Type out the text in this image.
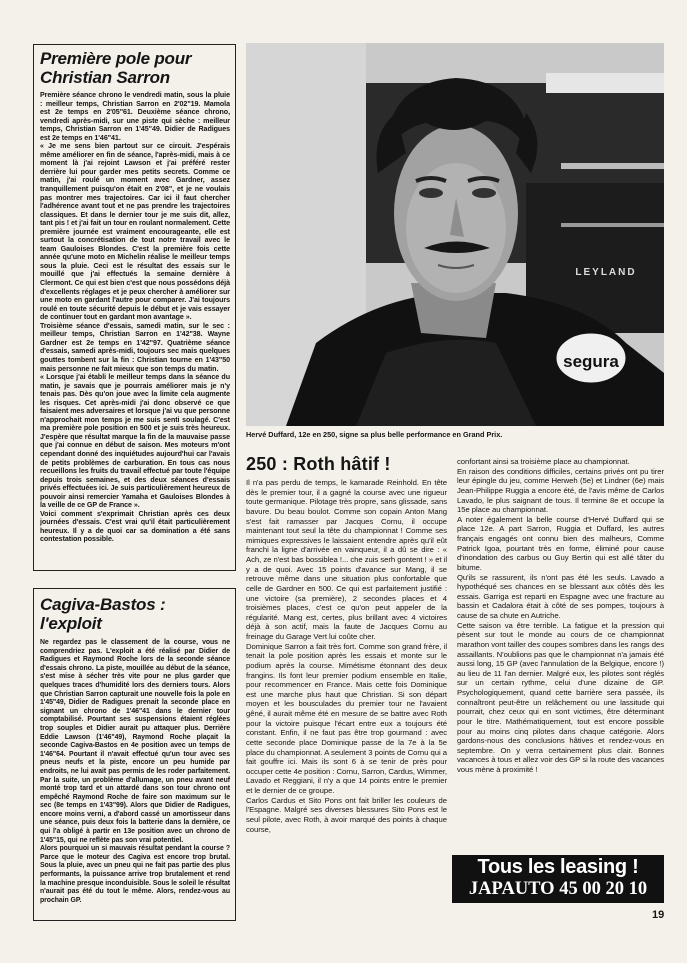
Première pole pour
Christian Sarron

Première séance chrono le vendredi matin, sous la pluie : meilleur temps, Christian Sarron en 2'02"19. Mamola est 2e temps en 2'05"61. Deuxième séance chrono, vendredi après-midi, sur une piste qui sèche : meilleur temps, Christian Sarron en 1'45"49. Didier de Radigues est 2e temps en 1'46"41.

« Je me sens bien partout sur ce circuit. J'espérais même améliorer en fin de séance, l'après-midi, mais à ce moment là j'ai rejoint Lawson et j'ai préféré rester derrière lui pour garder mes petits secrets. Comme ce matin, j'ai roulé un moment avec Gardner, assez tranquillement puisqu'on était en 2'08", et je ne voulais pas montrer mes trajectoires. Car ici il faut chercher l'adhérence avant tout et ne pas prendre les trajectoires classiques. Et dans le dernier tour je me suis dit, allez, tant pis ! et j'ai fait un tour en roulant normalement. Cette première journée est vraiment encourageante, elle est surtout la concrétisation de tout notre travail avec le team Gauloises Blondes. C'est la première fois cette année qu'une moto en Michelin réalise le meilleur temps sous la pluie. Ceci est le résultat des essais sur le mouillé que j'ai effectués la semaine dernière à Clermont. Ce qui est bien c'est que nous possédons déjà d'excellents réglages et je peux chercher à améliorer sur une moto en gardant l'autre pour comparer. J'ai toujours roulé en toute sécurité depuis le début et je vais essayer de continuer tout en gardant mon avantage ».

Troisième séance d'essais, samedi matin, sur le sec : meilleur temps, Christian Sarron en 1'42"38. Wayne Gardner est 2e temps en 1'42"97. Quatrième séance d'essais, samedi après-midi, toujours sec mais quelques gouttes tombent sur la fin : Christian tourne en 1'43"50 mais personne ne fait mieux que son temps du matin.

« Lorsque j'ai établi le meilleur temps dans la séance du matin, je savais que je pourrais améliorer mais je n'y tenais pas. Dès qu'on joue avec la limite cela augmente les risques. Cet après-midi j'ai donc observé ce que faisaient mes adversaires et lorsque j'ai vu que personne n'approchait mon temps je me suis senti soulagé. C'est ma première pole position en 500 et je suis très heureux. J'espère que résultat marque la fin de la mauvaise passe que j'ai connue en début de saison. Mes moteurs m'ont cependant donné des inquiétudes aujourd'hui car l'avais de petits problèmes de carburation. En tous cas nous recueillons les fruits du travail effectué par toute l'équipe depuis trois semaines, et des deux séances d'essais privés effectuées ici. Je suis particulièrement heureux de pouvoir ainsi remercier Yamaha et Gauloises Blondes à la veille de ce GP de France ».

Voici comment s'exprimait Christian après ces deux journées d'essais. C'est vrai qu'il était particulièrement heureux. Il y a de quoi car sa domination a été sans contestation possible.

Cagiva-Bastos : l'exploit

Ne regardez pas le classement de la course, vous ne comprendriez pas. L'exploit a été réalisé par Didier de Radigues et Raymond Roche lors de la seconde séance d'essais chrono. La piste, mouillée au début de la séance, s'est mise à sécher très vite pour ne plus garder que quelques traces d'humidité lors des derniers tours. Alors que Christian Sarron capturait une nouvelle fois la pole en 1'45"49, Didier de Radigues prenait la seconde place en signant un chrono de 1'46"41 dans le dernier tour comptabilisé. Pourtant ses suspensions étaient réglées trop souples et Didier aurait pu attaquer plus. Derrière Eddie Lawson (1'46"49), Raymond Roche plaçait la seconde Cagiva-Bastos en 4e position avec un temps de 1'46"64. Pourtant il n'avait effectué qu'un tour avec ses pneus neufs et la piste, encore un peu humide par endroits, ne lui avait pas permis de les roder parfaitement. Par la suite, un problème d'allumage, un pneu avant neuf monté trop tard et un attardé dans son tour chrono ont empêché Raymond Roche de faire son maximum sur le sec (8e temps en 1'43"99). Alors que Didier de Radigues, encore moins verni, a d'abord cassé un amortisseur dans une séance, puis deux fois la batterie dans la dernière, ce qui l'a obligé à partir en 13e position avec un chrono de 1'45"15, qui ne reflète pas son vrai potentiel.

Alors pourquoi un si mauvais résultat pendant la course ? Parce que le moteur des Cagiva est encore trop brutal. Sous la pluie, avec un pneu qui ne fait pas partie des plus performants, la puissance arrive trop brutalement et rend la machine presque inconduisible. Sous le soleil le résultat n'aurait pas été du tout le même. Alors, rendez-vous au prochain GP.

segura
LEYLAND
Hervé Duffard, 12e en 250, signe sa plus belle performance en Grand Prix.
250 : Roth hâtif !

Il n'a pas perdu de temps, le kamarade Reinhold. En tête dès le premier tour, il a gagné la course avec une rigueur toute germanique. Pilotage très propre, sans glissade, sans bavure. Du beau boulot. Comme son copain Anton Mang s'est fait ramasser par Jacques Cornu, il occupe maintenant tout seul la tête du championnat ! Comme ses mimiques expressives le laissaient entendre après qu'il eût franchi la ligne d'arrivée en vainqueur, il a dû se dire : « Ach, ze n'est bas bossiblea !... che zuis serh gontent ! » et il y a de quoi. Avec 15 points d'avance sur Mang, il se retrouve même dans une situation plus confortable que celle de Gardner en 500. Ce qui est parfaitement justifié : une victoire (sa première), 2 secondes places et 4 troisièmes places, c'est ce qu'on peut appeler de la régularité. Mang est, certes, plus brillant avec 4 victoires déjà à son actif, mais la faute de Jacques Cornu au freinage du Garage Vert lui coûte cher.

Dominique Sarron a fait très fort. Comme son grand frère, il tenait la pole position après les essais et monte sur le podium après la course. Mimétisme étonnant des deux frangins. Ils font leur premier podium ensemble en Italie, pour recommencer en France. Mais cette fois Dominique est une marche plus haut que Christian. Si son départ moyen et les bousculades du premier tour ne l'avaient gêné, il aurait même été en mesure de se battre avec Roth pour la victoire puisque l'écart entre eux a toujours été constant. Enfin, il ne faut pas être trop gourmand : avec cette seconde place Dominique passe de la 7e à la 5e place du championnat. A seulement 3 points de Cornu qui a fait gouffre ici. Mais ils sont 6 à se tenir de près pour occuper cette 4e position : Cornu, Sarron, Cardus, Wimmer, Lavado et Reggiani, il n'y a que 14 points entre le premier et le dernier de ce groupe.

Carlos Cardus et Sito Pons ont fait briller les couleurs de l'Espagne. Malgré ses diverses blessures Sito Pons est le seul pilote, avec Roth, à avoir marqué des points à chaque course,

confortant ainsi sa troisième place au championnat.

En raison des conditions difficiles, certains privés ont pu tirer leur épingle du jeu, comme Herweh (5e) et Lindner (6e) mais Jean-Philippe Ruggia a encore été, de l'avis même de Carlos Lavado, le plus saignant de tous. Il termine 8e et occupe la 15e place au championnat.

A noter également la belle course d'Hervé Duffard qui se place 12e. A part Sarron, Ruggia et Duffard, les autres français engagés ont connu bien des malheurs, Comme Patrick Igoa, pourtant très en forme, éliminé pour cause d'inondation des carbus ou Guy Bertin qui est allé tâter du bitume.

Qu'ils se rassurent, ils n'ont pas été les seuls. Lavado a hypothéqué ses chances en se blessant aux côtés dès les essais. Garriga est reparti en Espagne avec une fracture au bassin et Cadalora était à côté de ses pompes, toujours à cause de sa chute en Autriche.

Cette saison va être terrible. La fatigue et la pression qui pèsent sur tout le monde au cours de ce championnat marathon vont tailler des coupes sombres dans les rangs des assaillants. N'oublions pas que le championnat n'a jamais été aussi long, 15 GP (avec l'annulation de la Belgique, encore !) au lieu de 11 l'an dernier. Malgré eux, les pilotes sont réglés sur un certain rythme, celui d'une dizaine de GP. Psychologiquement, quand cette barrière sera passée, ils connaîtront peut-être un relâchement ou une lassitude qui pourrait, chez ceux qui en sont victimes, être déterminant pour le titre. Mathématiquement, tout est encore possible pour au moins cinq pilotes dans chaque catégorie. Alors gardons-nous des conclusions hâtives et rendez-vous en septembre. On y verra certainement plus clair. Bonnes vacances à tous et allez voir des GP si la route des vacances vous mène à proximité !

Tous les leasing !
JAPAUTO 45 00 20 10
19
